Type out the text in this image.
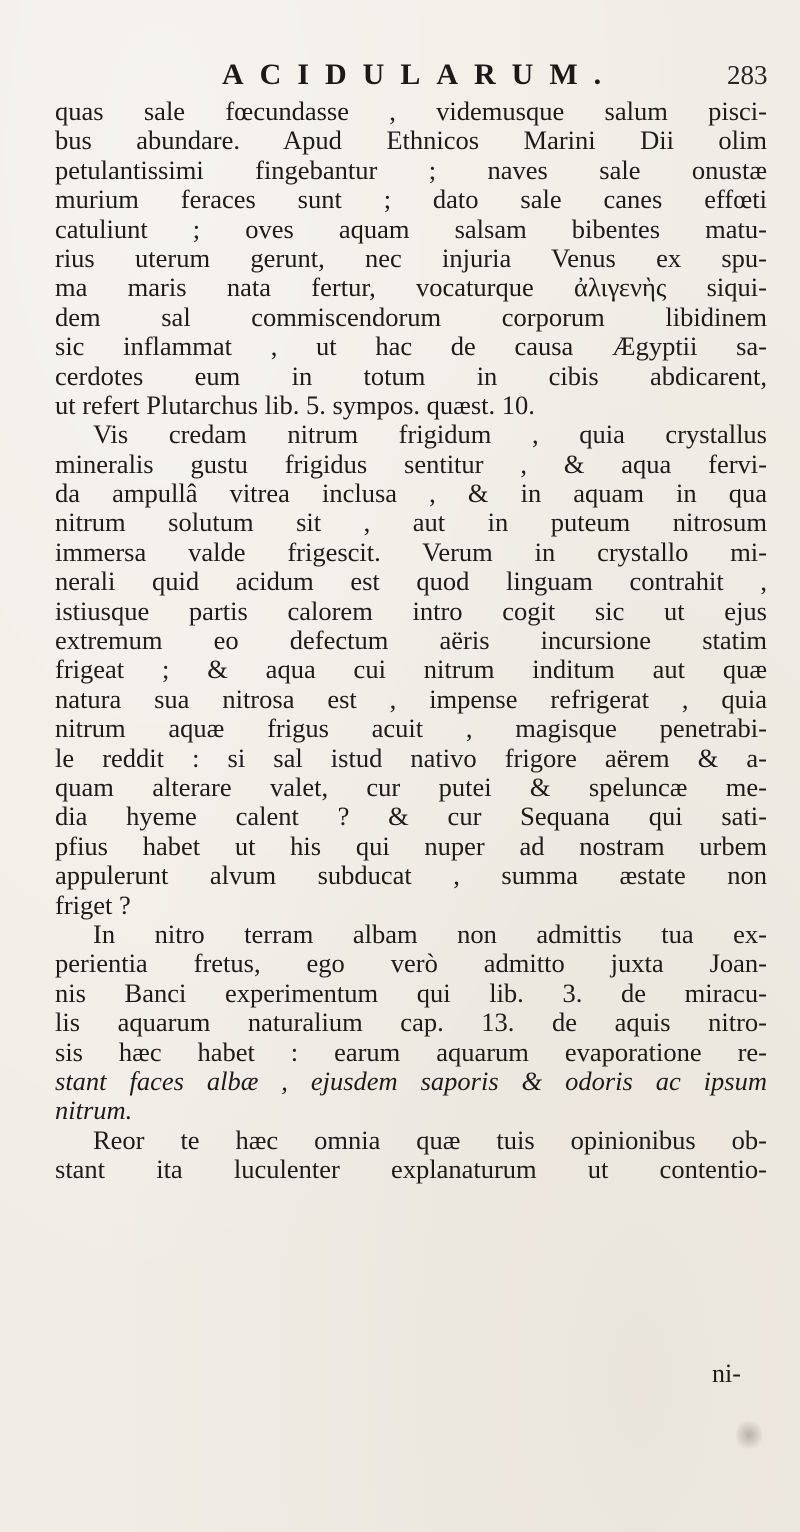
ACIDULARUM.	283
quas sale fœcundasse , videmusque salum pisci-
bus abundare. Apud Ethnicos Marini Dii olim
petulantissimi fingebantur ; naves sale onustæ
murium feraces sunt ; dato sale canes effœti
catuliunt ; oves aquam salsam bibentes matu-
rius uterum gerunt, nec injuria Venus ex spu-
ma maris nata fertur, vocaturque ἀλιγενὴς siqui-
dem sal commiscendorum corporum libidinem
sic inflammat , ut hac de causa Ægyptii sa-
cerdotes eum in totum in cibis abdicarent,
ut refert Plutarchus lib. 5. sympos. quæst. 10.
Vis credam nitrum frigidum , quia crystallus
mineralis gustu frigidus sentitur , & aqua fervi-
da ampullâ vitrea inclusa , & in aquam in qua
nitrum solutum sit , aut in puteum nitrosum
immersa valde frigescit. Verum in crystallo mi-
nerali quid acidum est quod linguam contrahit ,
istiusque partis calorem intro cogit sic ut ejus
extremum eo defectum aëris incursione statim
frigeat ; & aqua cui nitrum inditum aut quæ
natura sua nitrosa est , impense refrigerat , quia
nitrum aquæ frigus acuit , magisque penetrabi-
le reddit : si sal istud nativo frigore aërem & a-
quam alterare valet, cur putei & speluncæ me-
dia hyeme calent ? & cur Sequana qui sati-
pfius habet ut his qui nuper ad nostram urbem
appulerunt alvum subducat , summa æstate non
friget ?
In nitro terram albam non admittis tua ex-
perientia fretus, ego verò admitto juxta Joan-
nis Banci experimentum qui lib. 3. de miracu-
lis aquarum naturalium cap. 13. de aquis nitro-
sis hæc habet : earum aquarum evaporatione re-
stant faces albæ , ejusdem saporis & odoris ac ipsum
nitrum.
Reor te hæc omnia quæ tuis opinionibus ob-
stant ita luculenter explanaturum ut contentio-
ni-
